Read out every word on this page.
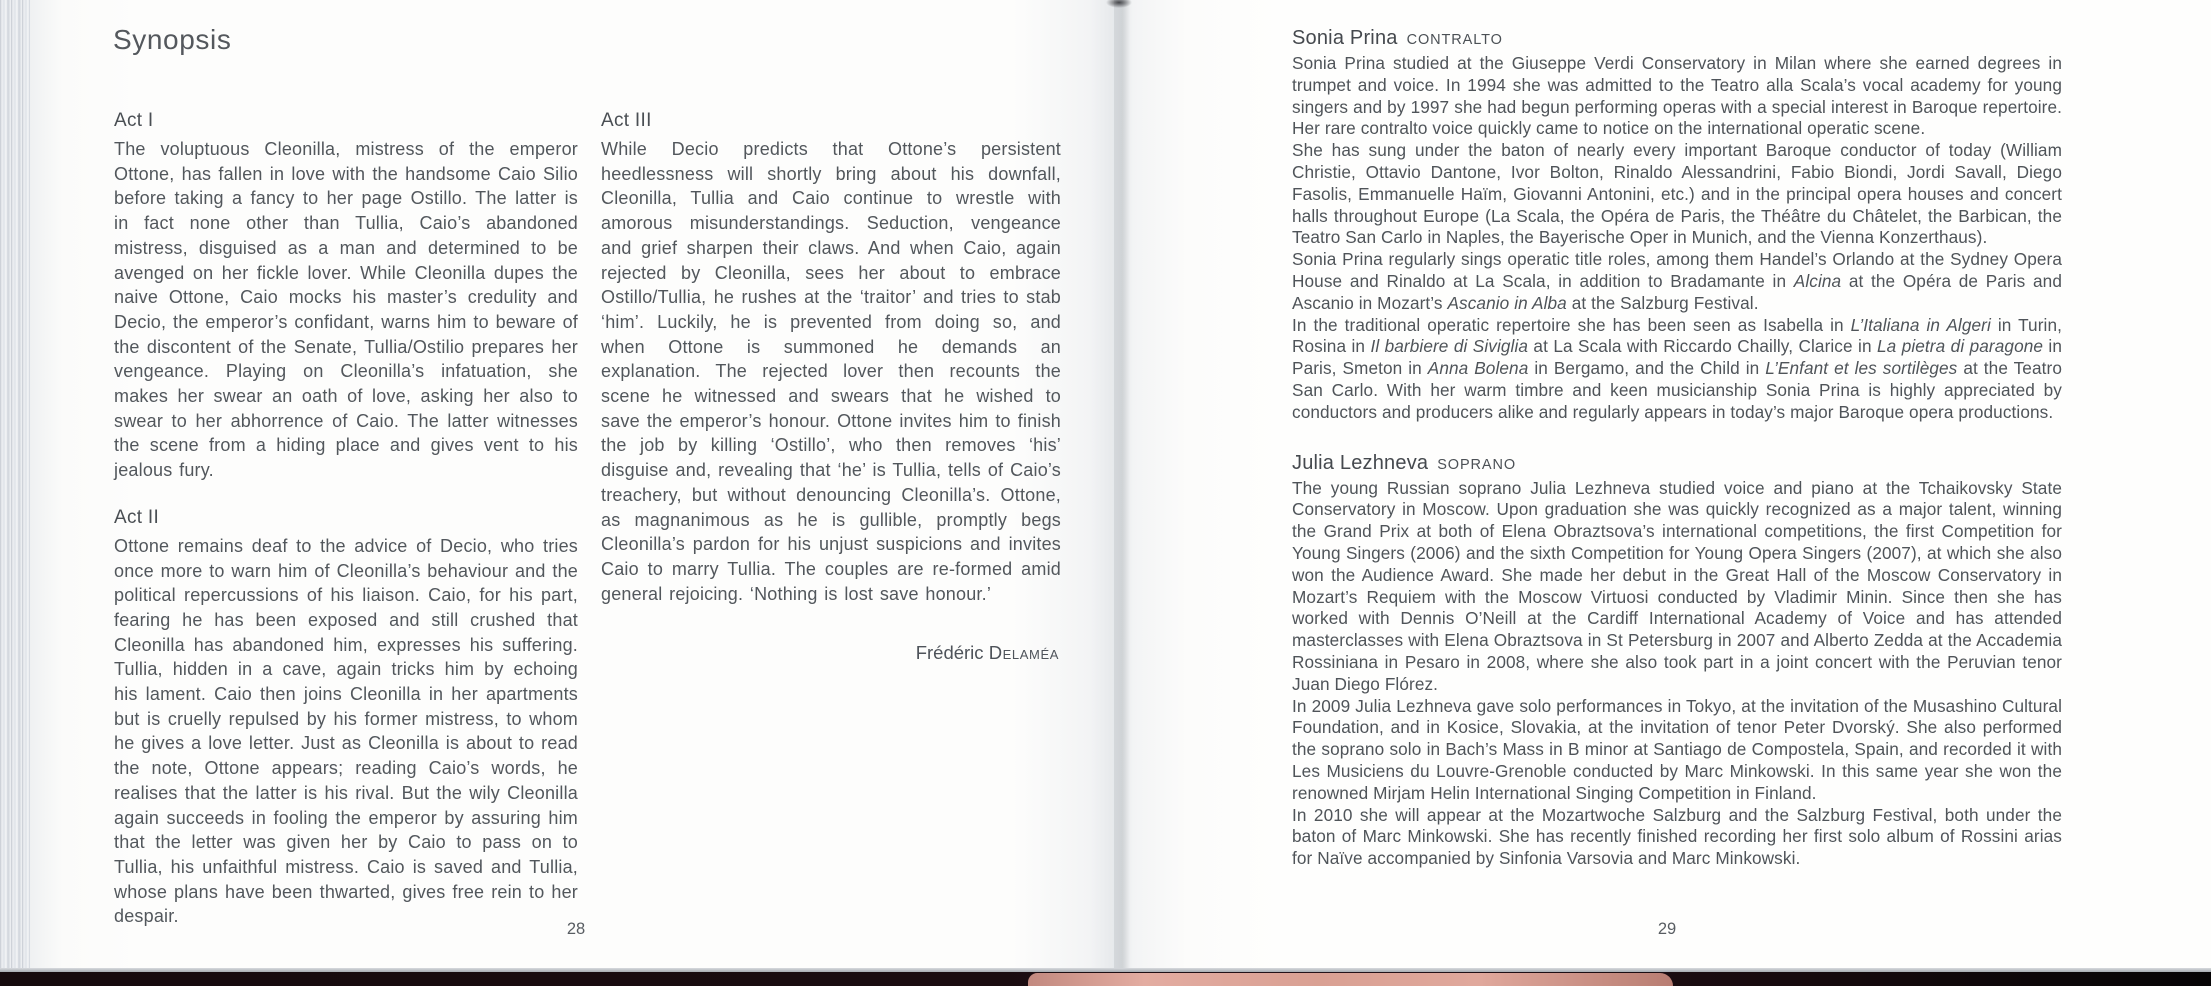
Synopsis
Act I

The voluptuous Cleonilla, mistress of the emperor Ottone, has fallen in love with the handsome Caio Silio before taking a fancy to her page Ostillo. The latter is in fact none other than Tullia, Caio’s abandoned mistress, disguised as a man and determined to be avenged on her fickle lover. While Cleonilla dupes the naive Ottone, Caio mocks his master’s credulity and Decio, the emperor’s confidant, warns him to beware of the discontent of the Senate, Tullia/Ostilio prepares her vengeance. Playing on Cleonilla’s infatuation, she makes her swear an oath of love, asking her also to swear to her abhorrence of Caio. The latter witnesses the scene from a hiding place and gives vent to his jealous fury.

Act II

Ottone remains deaf to the advice of Decio, who tries once more to warn him of Cleonilla’s behaviour and the political repercussions of his liaison. Caio, for his part, fearing he has been exposed and still crushed that Cleonilla has abandoned him, expresses his suffering. Tullia, hidden in a cave, again tricks him by echoing his lament. Caio then joins Cleonilla in her apartments but is cruelly repulsed by his former mistress, to whom he gives a love letter. Just as Cleonilla is about to read the note, Ottone appears; reading Caio’s words, he realises that the latter is his rival. But the wily Cleonilla again succeeds in fooling the emperor by assuring him that the letter was given her by Caio to pass on to Tullia, his unfaithful mistress. Caio is saved and Tullia, whose plans have been thwarted, gives free rein to her despair.

Act III

While Decio predicts that Ottone’s persistent heedlessness will shortly bring about his downfall, Cleonilla, Tullia and Caio continue to wrestle with amorous misunderstandings. Seduction, vengeance and grief sharpen their claws. And when Caio, again rejected by Cleonilla, sees her about to embrace Ostillo/Tullia, he rushes at the ‘traitor’ and tries to stab ‘him’. Luckily, he is prevented from doing so, and when Ottone is summoned he demands an explanation. The rejected lover then recounts the scene he witnessed and swears that he wished to save the emperor’s honour. Ottone invites him to finish the job by killing ‘Ostillo’, who then removes ‘his’ disguise and, revealing that ‘he’ is Tullia, tells of Caio’s treachery, but without denouncing Cleonilla’s. Ottone, as magnanimous as he is gullible, promptly begs Cleonilla’s pardon for his unjust suspicions and invites Caio to marry Tullia. The couples are re-formed amid general rejoicing. ‘Nothing is lost save honour.’

Frédéric Delaméa
28
Sonia Prina CONTRALTO

Sonia Prina studied at the Giuseppe Verdi Conservatory in Milan where she earned degrees in trumpet and voice. In 1994 she was admitted to the Teatro alla Scala’s vocal academy for young singers and by 1997 she had begun performing operas with a special interest in Baroque repertoire. Her rare contralto voice quickly came to notice on the international operatic scene.

She has sung under the baton of nearly every important Baroque conductor of today (William Christie, Ottavio Dantone, Ivor Bolton, Rinaldo Alessandrini, Fabio Biondi, Jordi Savall, Diego Fasolis, Emmanuelle Haïm, Giovanni Antonini, etc.) and in the principal opera houses and concert halls throughout Europe (La Scala, the Opéra de Paris, the Théâtre du Châtelet, the Barbican, the Teatro San Carlo in Naples, the Bayerische Oper in Munich, and the Vienna Konzerthaus).

Sonia Prina regularly sings operatic title roles, among them Handel’s Orlando at the Sydney Opera House and Rinaldo at La Scala, in addition to Bradamante in Alcina at the Opéra de Paris and Ascanio in Mozart’s Ascanio in Alba at the Salzburg Festival.

In the traditional operatic repertoire she has been seen as Isabella in L’Italiana in Algeri in Turin, Rosina in Il barbiere di Siviglia at La Scala with Riccardo Chailly, Clarice in La pietra di paragone in Paris, Smeton in Anna Bolena in Bergamo, and the Child in L’Enfant et les sortilèges at the Teatro San Carlo. With her warm timbre and keen musicianship Sonia Prina is highly appreciated by conductors and producers alike and regularly appears in today’s major Baroque opera productions.

Julia Lezhneva SOPRANO

The young Russian soprano Julia Lezhneva studied voice and piano at the Tchaikovsky State Conservatory in Moscow. Upon graduation she was quickly recognized as a major talent, winning the Grand Prix at both of Elena Obraztsova’s international competitions, the first Competition for Young Singers (2006) and the sixth Competition for Young Opera Singers (2007), at which she also won the Audience Award. She made her debut in the Great Hall of the Moscow Conservatory in Mozart’s Requiem with the Moscow Virtuosi conducted by Vladimir Minin. Since then she has worked with Dennis O’Neill at the Cardiff International Academy of Voice and has attended masterclasses with Elena Obraztsova in St Petersburg in 2007 and Alberto Zedda at the Accademia Rossiniana in Pesaro in 2008, where she also took part in a joint concert with the Peruvian tenor Juan Diego Flórez.

In 2009 Julia Lezhneva gave solo performances in Tokyo, at the invitation of the Musashino Cultural Foundation, and in Kosice, Slovakia, at the invitation of tenor Peter Dvorský. She also performed the soprano solo in Bach’s Mass in B minor at Santiago de Compostela, Spain, and recorded it with Les Musiciens du Louvre-Grenoble conducted by Marc Minkowski. In this same year she won the renowned Mirjam Helin International Singing Competition in Finland.

In 2010 she will appear at the Mozartwoche Salzburg and the Salzburg Festival, both under the baton of Marc Minkowski. She has recently finished recording her first solo album of Rossini arias for Naïve accompanied by Sinfonia Varsovia and Marc Minkowski.

29
